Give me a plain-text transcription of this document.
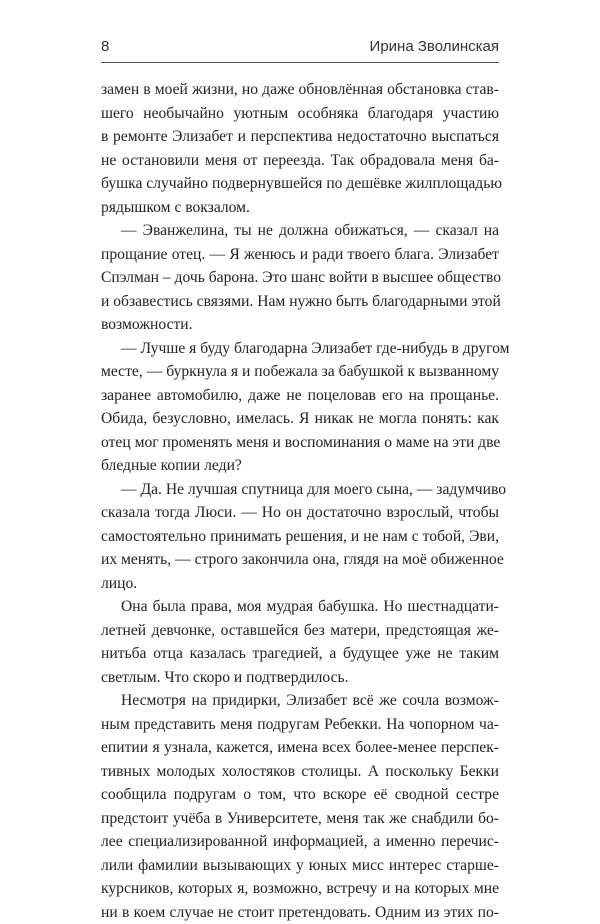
8	Ирина Зволинская
замен в моей жизни, но даже обновлённая обстановка став-
шего необычайно уютным особняка благодаря участию
в ремонте Элизабет и перспектива недостаточно выспаться
не остановили меня от переезда. Так обрадовала меня ба-
бушка случайно подвернувшейся по дешёвке жилплощадью
рядышком с вокзалом.
— Эванжелина, ты не должна обижаться, — сказал на
прощание отец. — Я женюсь и ради твоего блага. Элизабет
Спэлман – дочь барона. Это шанс войти в высшее общество
и обзавестись связями. Нам нужно быть благодарными этой
возможности.
— Лучше я буду благодарна Элизабет где-нибудь в другом
месте, — буркнула я и побежала за бабушкой к вызванному
заранее автомобилю, даже не поцеловав его на прощанье.
Обида, безусловно, имелась. Я никак не могла понять: как
отец мог променять меня и воспоминания о маме на эти две
бледные копии леди?
— Да. Не лучшая спутница для моего сына, — задумчиво
сказала тогда Люси. — Но он достаточно взрослый, чтобы
самостоятельно принимать решения, и не нам с тобой, Эви,
их менять, — строго закончила она, глядя на моё обиженное
лицо.
Она была права, моя мудрая бабушка. Но шестнадцати-
летней девчонке, оставшейся без матери, предстоящая же-
нитьба отца казалась трагедией, а будущее уже не таким
светлым. Что скоро и подтвердилось.
Несмотря на придирки, Элизабет всё же сочла возмож-
ным представить меня подругам Ребекки. На чопорном ча-
епитии я узнала, кажется, имена всех более-менее перспек-
тивных молодых холостяков столицы. А поскольку Бекки
сообщила подругам о том, что вскоре её сводной сестре
предстоит учёба в Университете, меня так же снабдили бо-
лее специализированной информацией, а именно перечис-
лили фамилии вызывающих у юных мисс интерес старше-
курсников, которых я, возможно, встречу и на которых мне
ни в коем случае не стоит претендовать. Одним из этих по-
